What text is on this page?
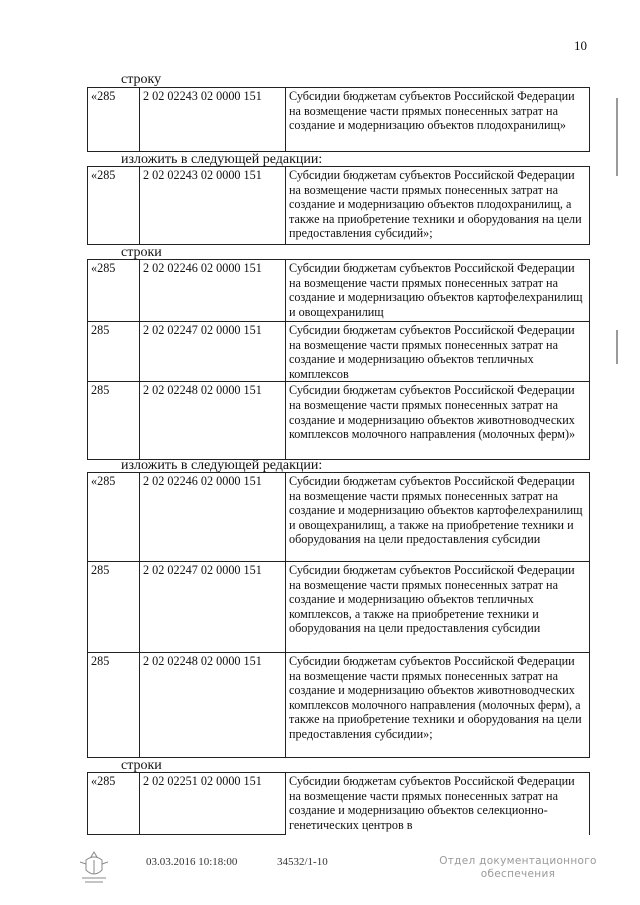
10
строку
«285	2 02 02243 02 0000 151	Субсидии бюджетам субъектов Российской Федерации на возмещение части прямых понесенных затрат на создание и модернизацию объектов плодохранилищ»
изложить в следующей редакции:
«285	2 02 02243 02 0000 151	Субсидии бюджетам субъектов Российской Федерации на возмещение части прямых понесенных затрат на создание и модернизацию объектов плодохранилищ, а также на приобретение техники и оборудования на цели предоставления субсидий»;
строки
«285	2 02 02246 02 0000 151	Субсидии бюджетам субъектов Российской Федерации на возмещение части прямых понесенных затрат на создание и модернизацию объектов картофелехранилищ и овощехранилищ
285	2 02 02247 02 0000 151	Субсидии бюджетам субъектов Российской Федерации на возмещение части прямых понесенных затрат на создание и модернизацию объектов тепличных комплексов
285	2 02 02248 02 0000 151	Субсидии бюджетам субъектов Российской Федерации на возмещение части прямых понесенных затрат на создание и модернизацию объектов животноводческих комплексов молочного направления (молочных ферм)»
изложить в следующей редакции:
«285	2 02 02246 02 0000 151	Субсидии бюджетам субъектов Российской Федерации на возмещение части прямых понесенных затрат на создание и модернизацию объектов картофелехранилищ и овощехранилищ, а также на приобретение техники и оборудования на цели предоставления субсидии
285	2 02 02247 02 0000 151	Субсидии бюджетам субъектов Российской Федерации на возмещение части прямых понесенных затрат на создание и модернизацию объектов тепличных комплексов, а также на приобретение техники и оборудования на цели предоставления субсидии
285	2 02 02248 02 0000 151	Субсидии бюджетам субъектов Российской Федерации на возмещение части прямых понесенных затрат на создание и модернизацию объектов животноводческих комплексов молочного направления (молочных ферм), а также на приобретение техники и оборудования на цели предоставления субсидии»;
строки
«285	2 02 02251 02 0000 151	Субсидии бюджетам субъектов Российской Федерации на возмещение части прямых понесенных затрат на создание и модернизацию объектов селекционно-генетических центров в
03.03.2016 10:18:00	34532/1-10	Отдел документационного
обеспечения
